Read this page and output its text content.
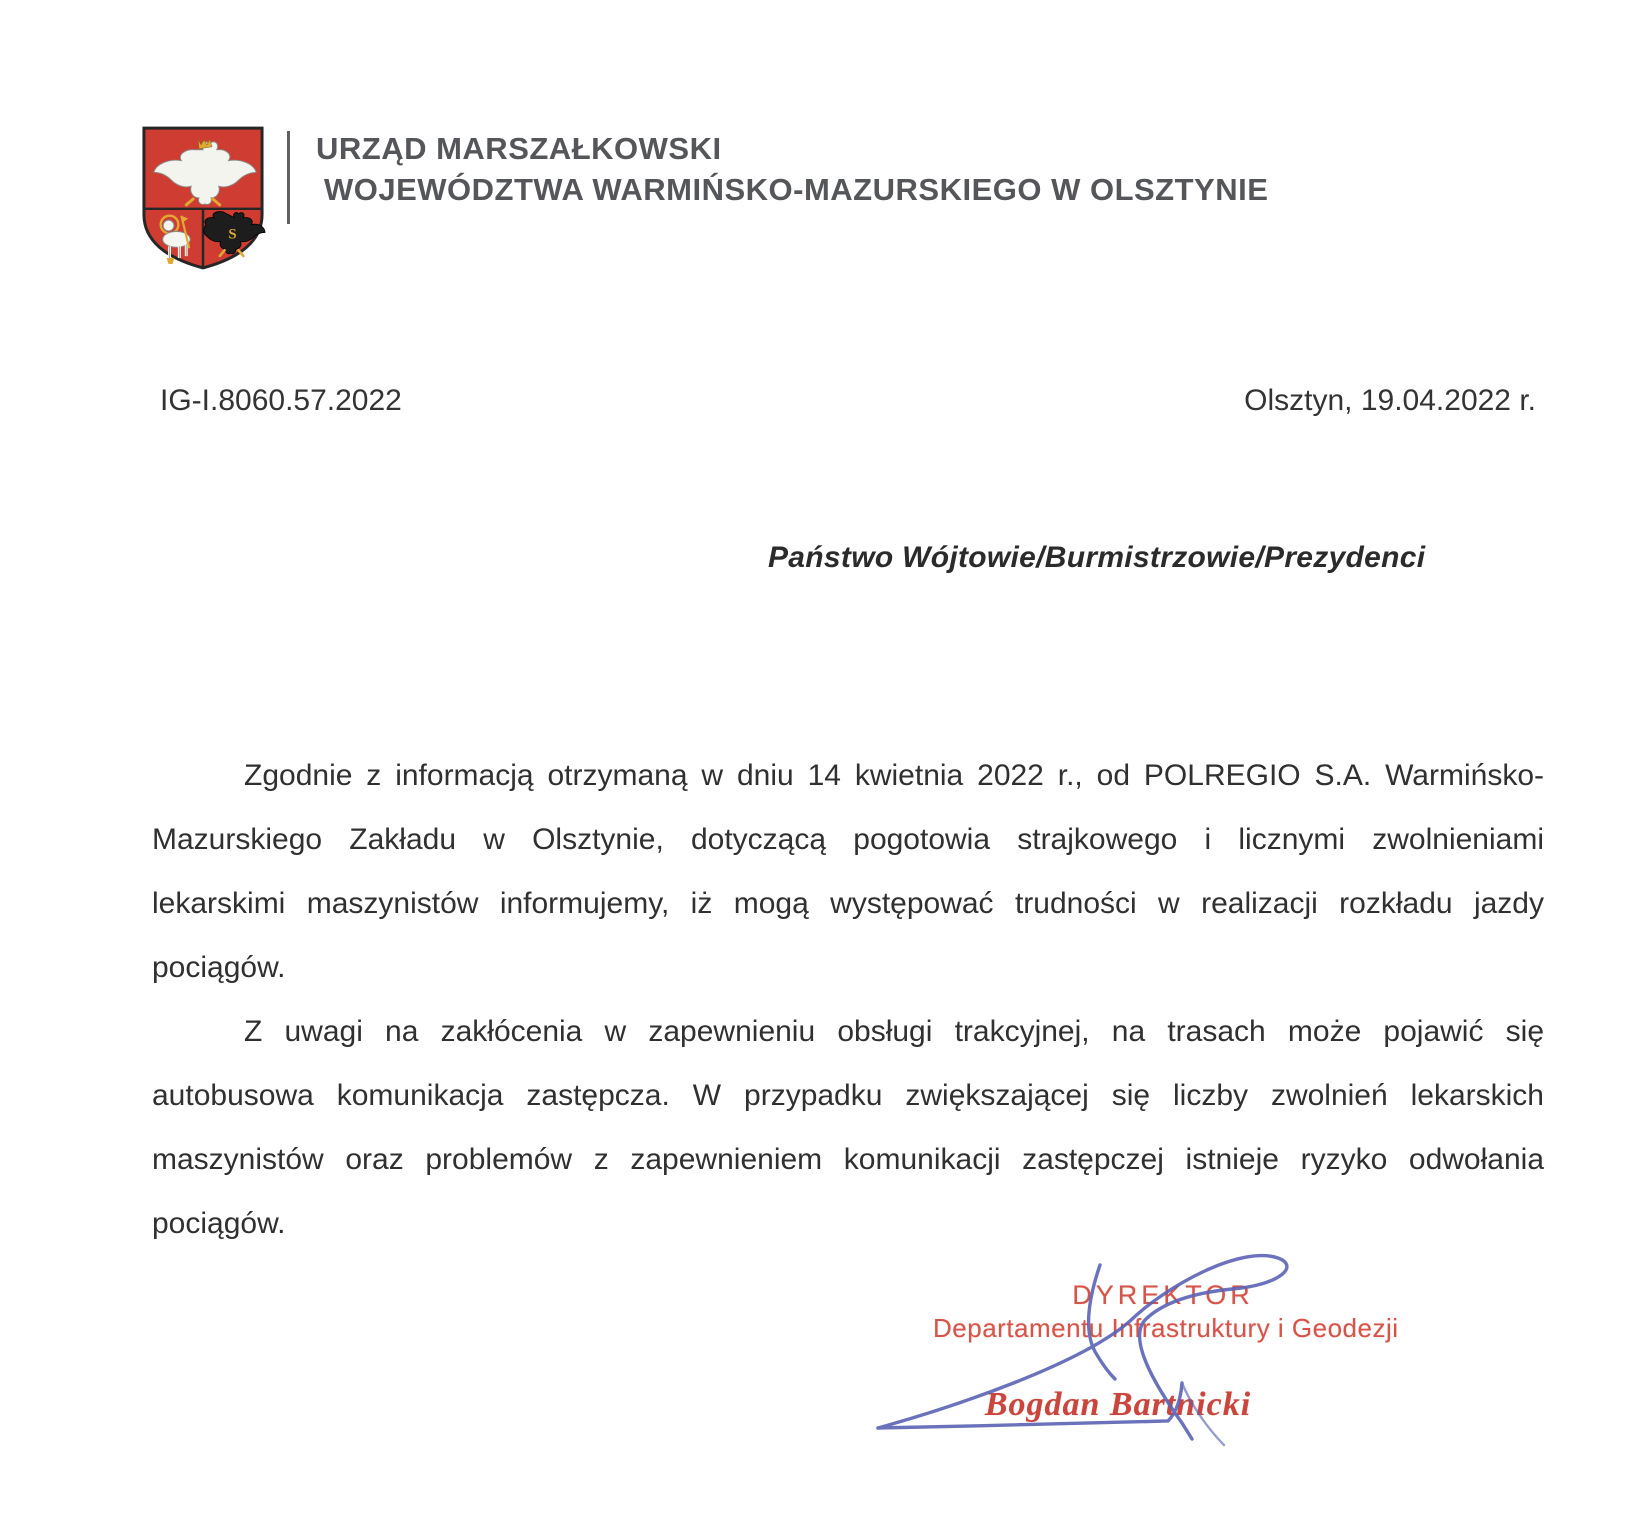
S
URZĄD MARSZAŁKOWSKI
WOJEWÓDZTWA WARMIŃSKO-MAZURSKIEGO W OLSZTYNIE
IG-I.8060.57.2022	Olsztyn, 19.04.2022 r.
Państwo Wójtowie/Burmistrzowie/Prezydenci

Zgodnie z informacją otrzymaną w dniu 14 kwietnia 2022 r., od POLREGIO S.A. Warmińsko-Mazurskiego Zakładu w Olsztynie, dotyczącą pogotowia strajkowego i licznymi zwolnieniami lekarskimi maszynistów informujemy, iż mogą występować trudności w realizacji rozkładu jazdy pociągów.

Z uwagi na zakłócenia w zapewnieniu obsługi trakcyjnej, na trasach może pojawić się autobusowa komunikacja zastępcza. W przypadku zwiększającej się liczby zwolnień lekarskich maszynistów oraz problemów z zapewnieniem komunikacji zastępczej istnieje ryzyko odwołania pociągów.

DYREKTOR
Departamentu Infrastruktury i Geodezji
Bogdan Bartnicki
